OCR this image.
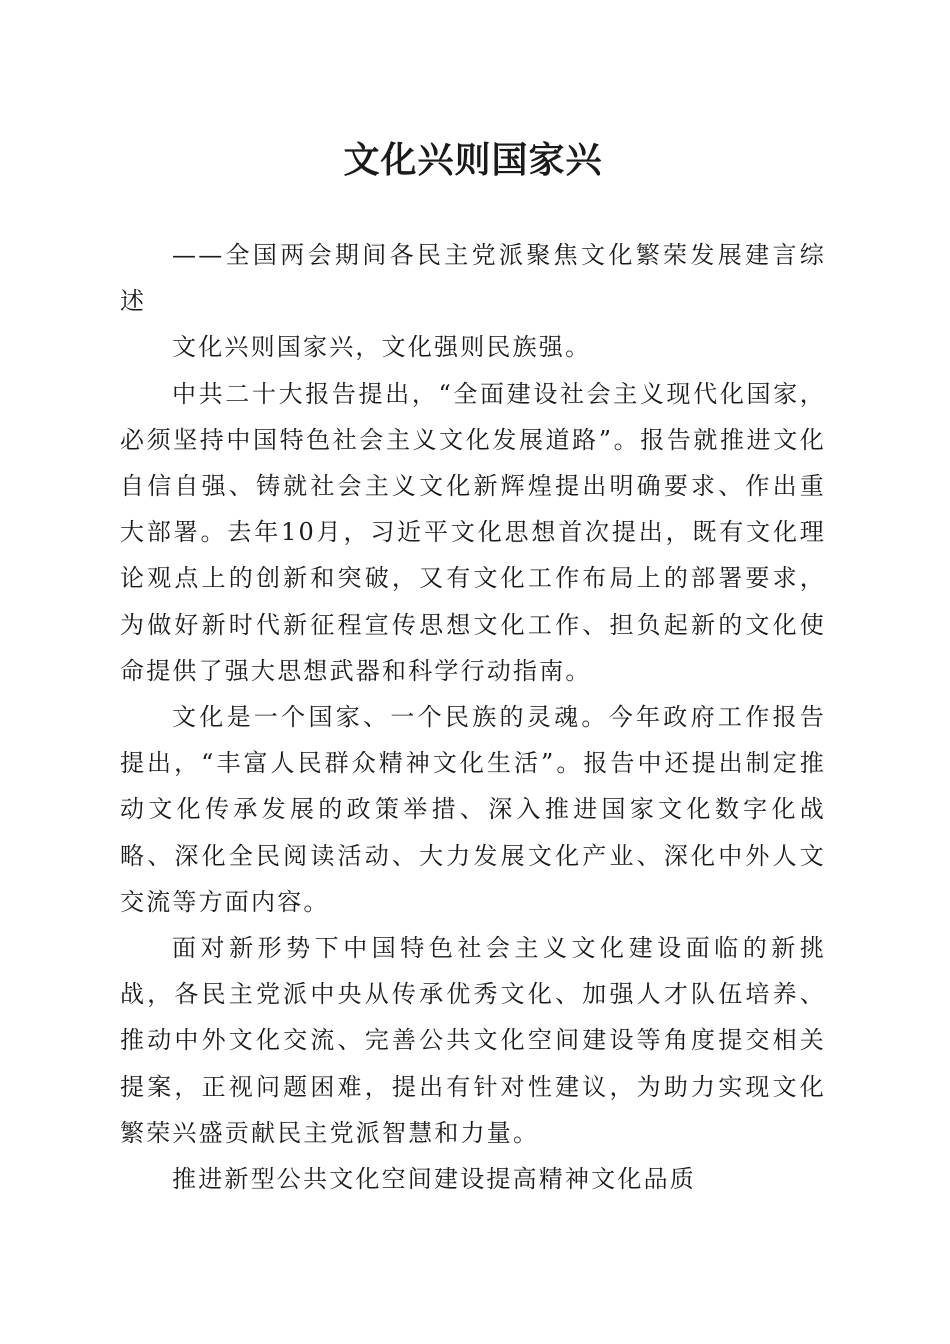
文化兴则国家兴

——全国两会期间各民主党派聚焦文化繁荣发展建言综述

文化兴则国家兴，文化强则民族强。

中共二十大报告提出，“全面建设社会主义现代化国家，必须坚持中国特色社会主义文化发展道路”。报告就推进文化自信自强、铸就社会主义文化新辉煌提出明确要求、作出重大部署。去年10月，习近平文化思想首次提出，既有文化理论观点上的创新和突破，又有文化工作布局上的部署要求，为做好新时代新征程宣传思想文化工作、担负起新的文化使命提供了强大思想武器和科学行动指南。

文化是一个国家、一个民族的灵魂。今年政府工作报告提出，“丰富人民群众精神文化生活”。报告中还提出制定推动文化传承发展的政策举措、深入推进国家文化数字化战略、深化全民阅读活动、大力发展文化产业、深化中外人文交流等方面内容。

面对新形势下中国特色社会主义文化建设面临的新挑战，各民主党派中央从传承优秀文化、加强人才队伍培养、推动中外文化交流、完善公共文化空间建设等角度提交相关提案，正视问题困难，提出有针对性建议，为助力实现文化繁荣兴盛贡献民主党派智慧和力量。

推进新型公共文化空间建设提高精神文化品质
